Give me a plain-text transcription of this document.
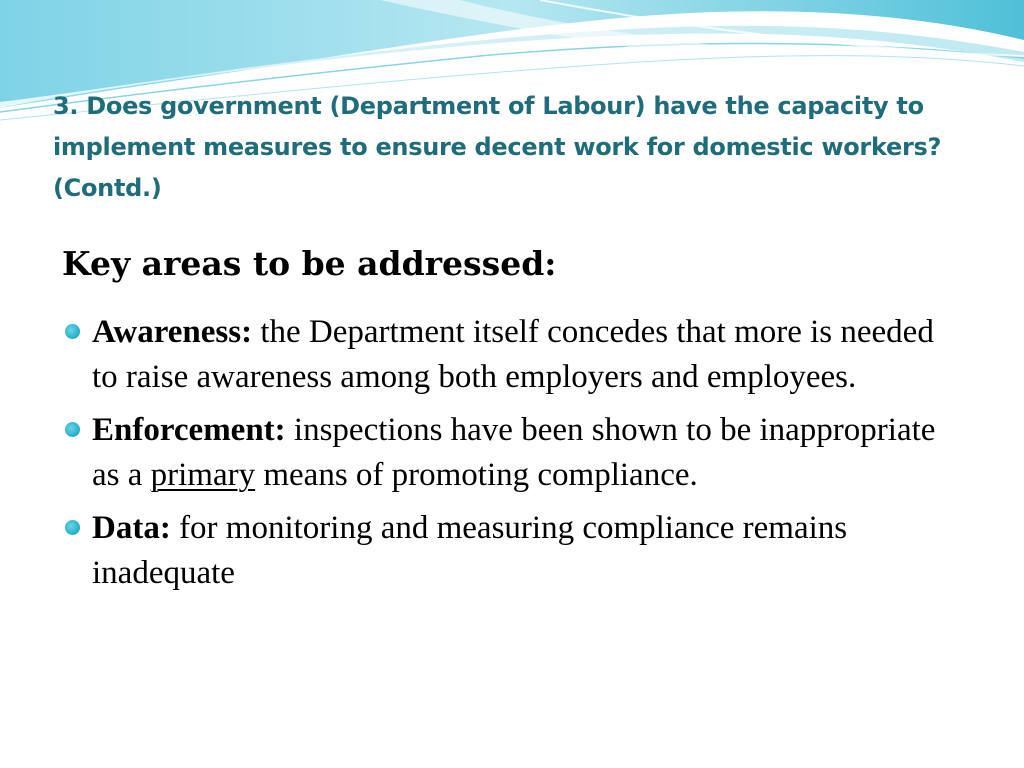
3. Does government (Department of Labour) have the capacity to implement measures to ensure decent work for domestic workers? (Contd.)
Key areas to be addressed:
Awareness: the Department itself concedes that more is needed to raise awareness among both employers and employees.
Enforcement: inspections have been shown to be inappropriate as a primary means of promoting compliance.
Data: for monitoring and measuring compliance remains inadequate
